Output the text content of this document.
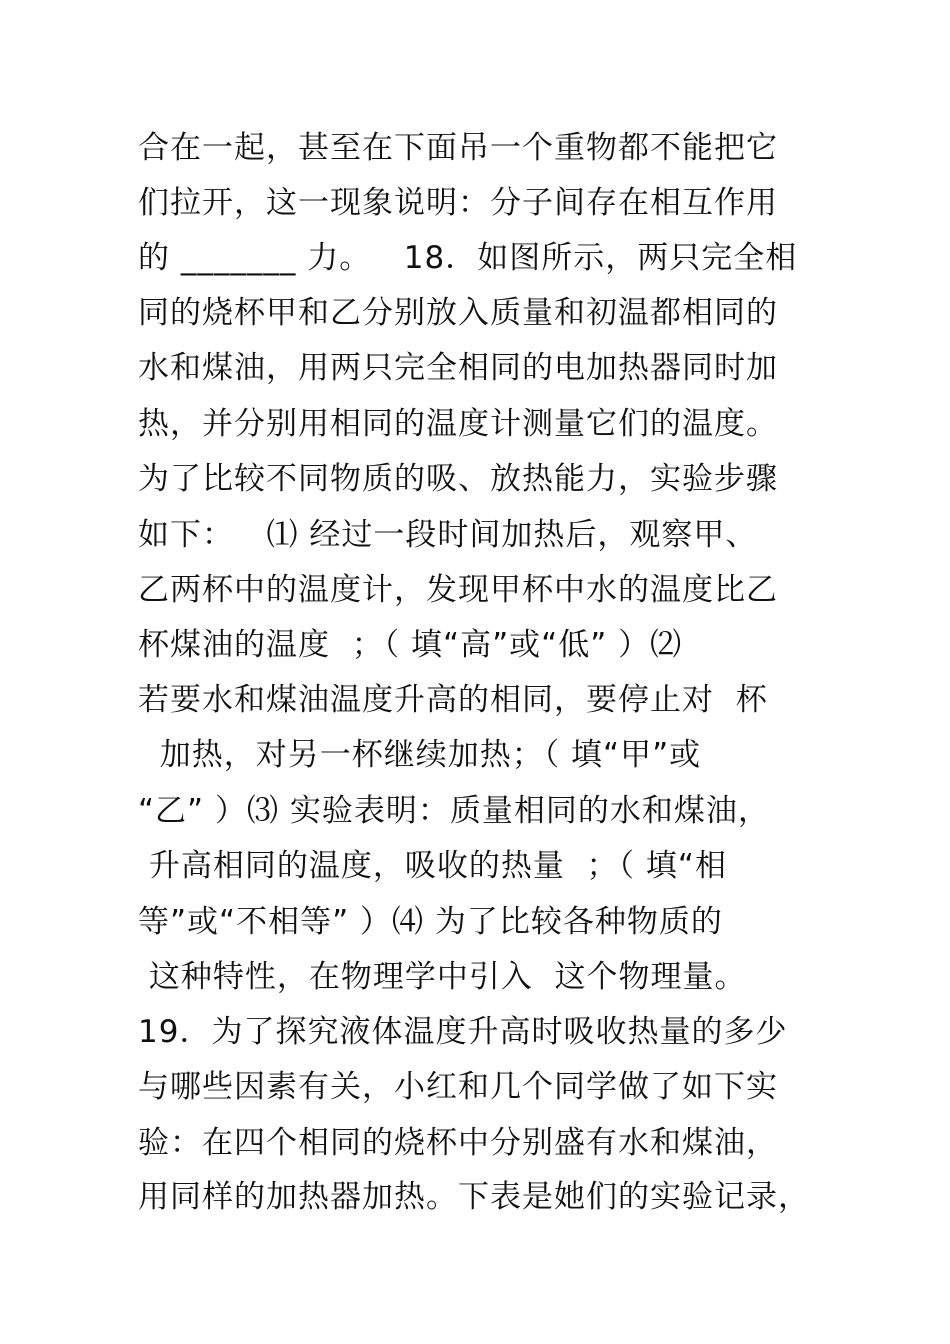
合在一起，甚至在下面吊一个重物都不能把它
们拉开，这一现象说明：分子间存在相互作用
的 _______ 力。   18．如图所示，两只完全相
同的烧杯甲和乙分别放入质量和初温都相同的
水和煤油，用两只完全相同的电加热器同时加
热，并分别用相同的温度计测量它们的温度。
为了比较不同物质的吸、放热能力，实验步骤
如下：   ⑴ 经过一段时间加热后，观察甲、
乙两杯中的温度计，发现甲杯中水的温度比乙
杯煤油的温度  ；（ 填“高”或“低” ）⑵
若要水和煤油温度升高的相同，要停止对  杯
加热，对另一杯继续加热；（ 填“甲”或
“乙” ）⑶ 实验表明：质量相同的水和煤油，
升高相同的温度，吸收的热量  ；（ 填“相
等”或“不相等” ）⑷ 为了比较各种物质的
这种特性，在物理学中引入  这个物理量。
19．为了探究液体温度升高时吸收热量的多少
与哪些因素有关，小红和几个同学做了如下实
验：在四个相同的烧杯中分别盛有水和煤油，
用同样的加热器加热。下表是她们的实验记录，
